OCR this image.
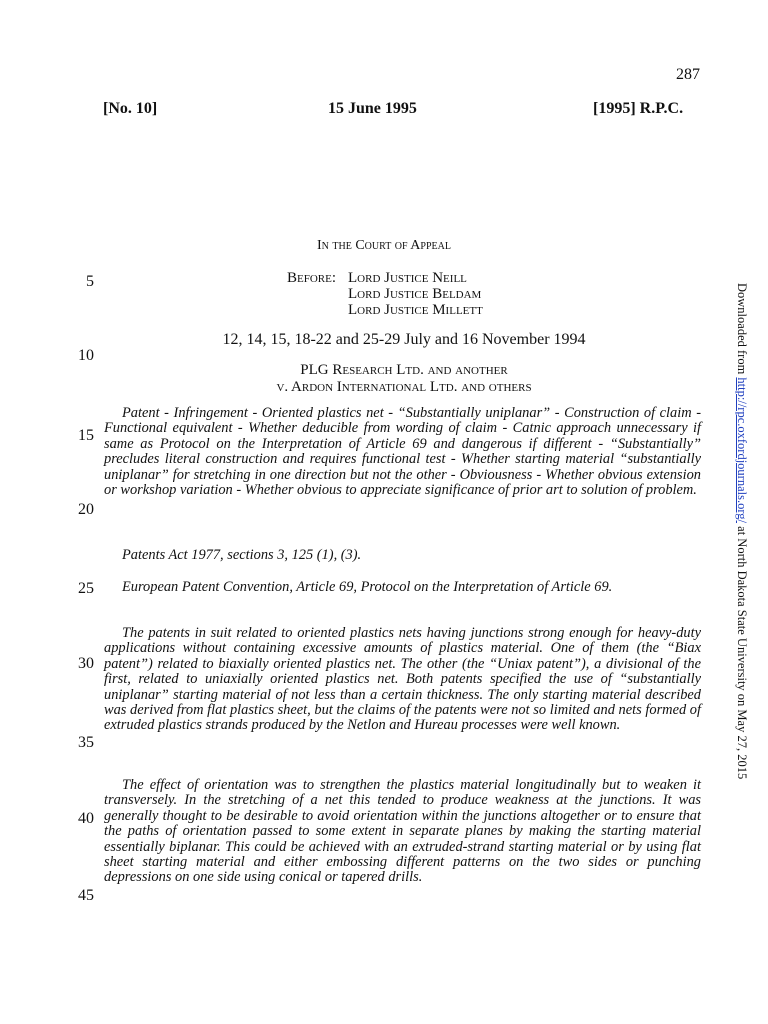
287
[No. 10]	15 June 1995	[1995] R.P.C.
In the Court of Appeal
Before: Lord Justice Neill
Lord Justice Beldam
Lord Justice Millett
12, 14, 15, 18-22 and 25-29 July and 16 November 1994
PLG Research Ltd. and another
v. Ardon International Ltd. and others
5
10
15
20
25
30
35
40
45
Patent - Infringement - Oriented plastics net - “Substantially uniplanar” - Construction of claim - Functional equivalent - Whether deducible from wording of claim - Catnic approach unnecessary if same as Protocol on the Interpretation of Article 69 and dangerous if different - “Substantially” precludes literal construction and requires functional test - Whether starting material “substantially uniplanar” for stretching in one direction but not the other - Obviousness - Whether obvious extension or workshop variation - Whether obvious to appreciate significance of prior art to solution of problem.
Patents Act 1977, sections 3, 125 (1), (3).
European Patent Convention, Article 69, Protocol on the Interpretation of Article 69.
The patents in suit related to oriented plastics nets having junctions strong enough for heavy-duty applications without containing excessive amounts of plastics material. One of them (the “Biax patent”) related to biaxially oriented plastics net. The other (the “Uniax patent”), a divisional of the first, related to uniaxially oriented plastics net. Both patents specified the use of “substantially uniplanar” starting material of not less than a certain thickness. The only starting material described was derived from flat plastics sheet, but the claims of the patents were not so limited and nets formed of extruded plastics strands produced by the Netlon and Hureau processes were well known.
The effect of orientation was to strengthen the plastics material longitudinally but to weaken it transversely. In the stretching of a net this tended to produce weakness at the junctions. It was generally thought to be desirable to avoid orientation within the junctions altogether or to ensure that the paths of orientation passed to some extent in separate planes by making the starting material essentially biplanar. This could be achieved with an extruded-strand starting material or by using flat sheet starting material and either embossing different patterns on the two sides or punching depressions on one side using conical or tapered drills.
Downloaded from http://rpc.oxfordjournals.org/ at North Dakota State University on May 27, 2015
